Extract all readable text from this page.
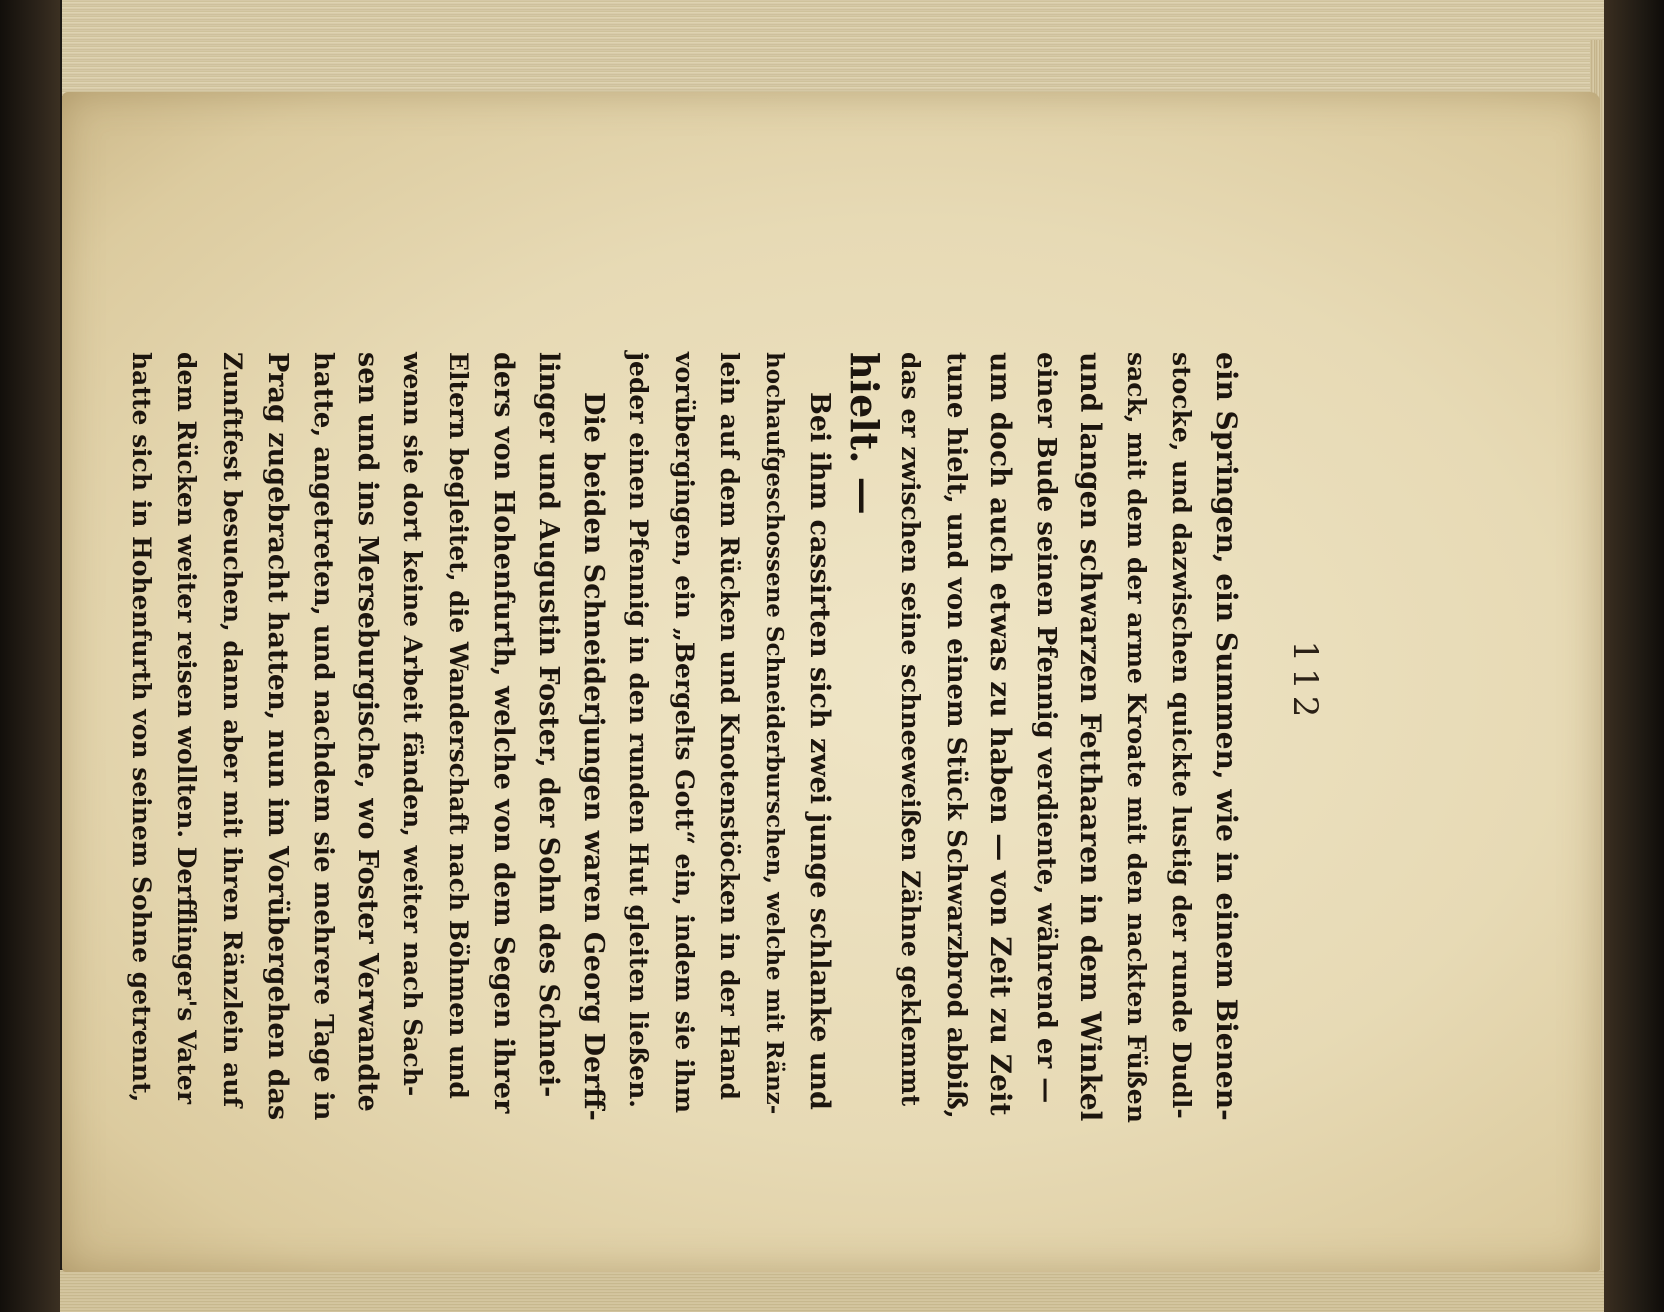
112
ein Springen, ein Summen, wie in einem Bienen-
stocke, und dazwischen quickte lustig der runde Dudl-
sack, mit dem der arme Kroate mit den nackten Füßen
und langen schwarzen Fetthaaren in dem Winkel
einer Bude seinen Pfennig verdiente, während er —
um doch auch etwas zu haben — von Zeit zu Zeit
tune hielt, und von einem Stück Schwarzbrod abbiß,
das er zwischen seine schneeweißen Zähne geklemmt
hielt. —
Bei ihm cassirten sich zwei junge schlanke und
hochaufgeschossene Schneiderburschen, welche mit Ränz-
lein auf dem Rücken und Knotenstöcken in der Hand
vorübergingen, ein „Bergelts Gott“ ein, indem sie ihm
jeder einen Pfennig in den runden Hut gleiten ließen.
Die beiden Schneiderjungen waren Georg Derff-
linger und Augustin Foster, der Sohn des Schnei-
ders von Hohenfurth, welche von dem Segen ihrer
Eltern begleitet, die Wanderschaft nach Böhmen und
wenn sie dort keine Arbeit fänden, weiter nach Sach-
sen und ins Merseburgische, wo Foster Verwandte
hatte, angetreten, und nachdem sie mehrere Tage in
Prag zugebracht hatten, nun im Vorübergehen das
Zunftfest besuchen, dann aber mit ihren Ränzlein auf
dem Rücken weiter reisen wollten. Derfflinger's Vater
hatte sich in Hohenfurth von seinem Sohne getrennt,
